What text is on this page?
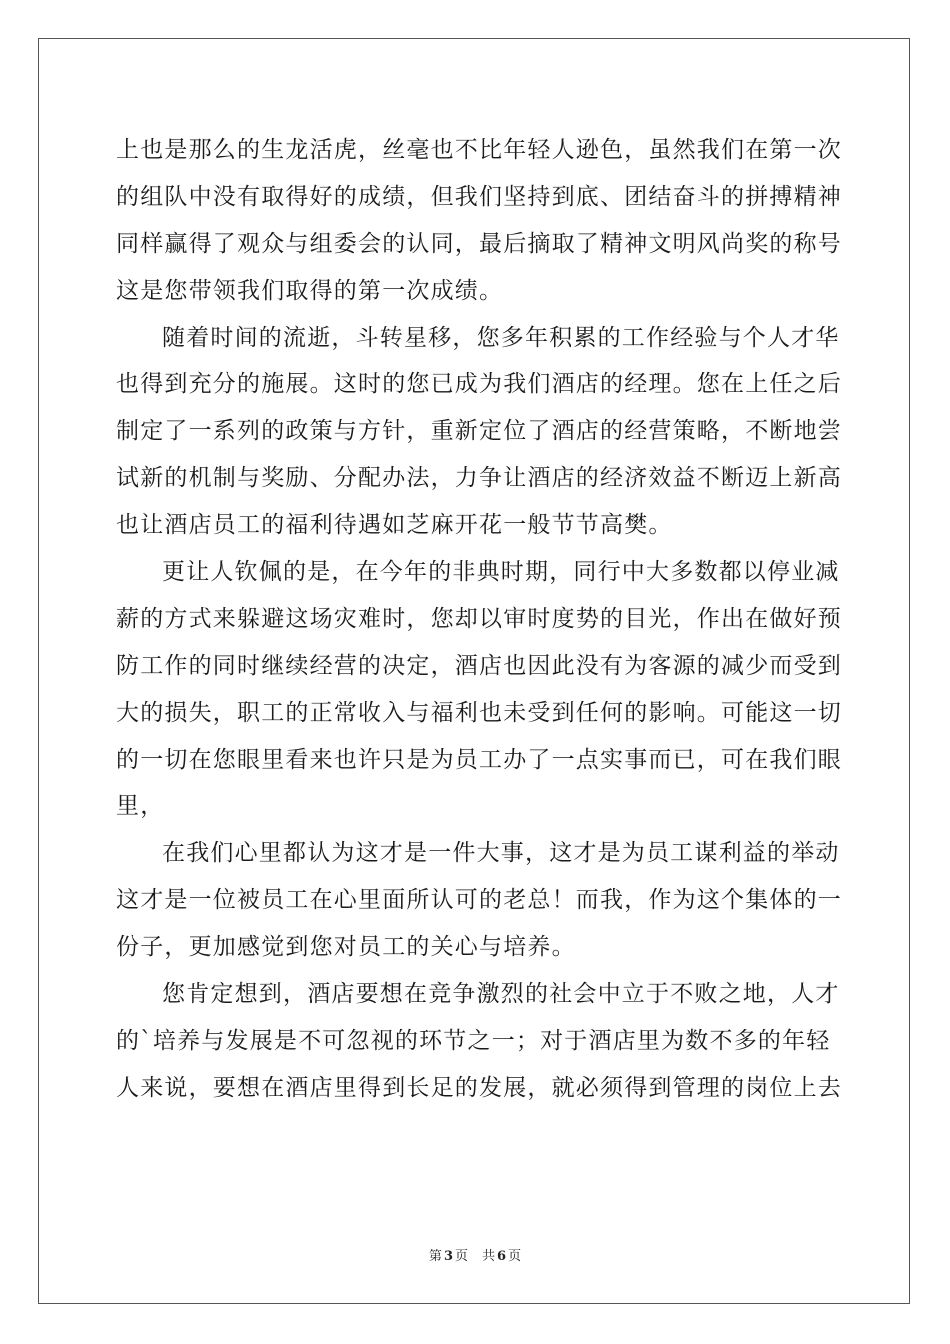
上也是那么的生龙活虎，丝毫也不比年轻人逊色，虽然我们在第一次
的组队中没有取得好的成绩，但我们坚持到底、团结奋斗的拼搏精神
同样赢得了观众与组委会的认同，最后摘取了精神文明风尚奖的称号
这是您带领我们取得的第一次成绩。

随着时间的流逝，斗转星移，您多年积累的工作经验与个人才华
也得到充分的施展。这时的您已成为我们酒店的经理。您在上任之后
制定了一系列的政策与方针，重新定位了酒店的经营策略，不断地尝
试新的机制与奖励、分配办法，力争让酒店的经济效益不断迈上新高
也让酒店员工的福利待遇如芝麻开花一般节节高樊。

更让人钦佩的是，在今年的非典时期，同行中大多数都以停业减
薪的方式来躲避这场灾难时，您却以审时度势的目光，作出在做好预
防工作的同时继续经营的决定，酒店也因此没有为客源的减少而受到
大的损失，职工的正常收入与福利也未受到任何的影响。可能这一切
的一切在您眼里看来也许只是为员工办了一点实事而已，可在我们眼
里，

在我们心里都认为这才是一件大事，这才是为员工谋利益的举动
这才是一位被员工在心里面所认可的老总！而我，作为这个集体的一
份子，更加感觉到您对员工的关心与培养。

您肯定想到，酒店要想在竞争激烈的社会中立于不败之地，人才
的`培养与发展是不可忽视的环节之一；对于酒店里为数不多的年轻
人来说，要想在酒店里得到长足的发展，就必须得到管理的岗位上去

第 3 页 共 6 页
